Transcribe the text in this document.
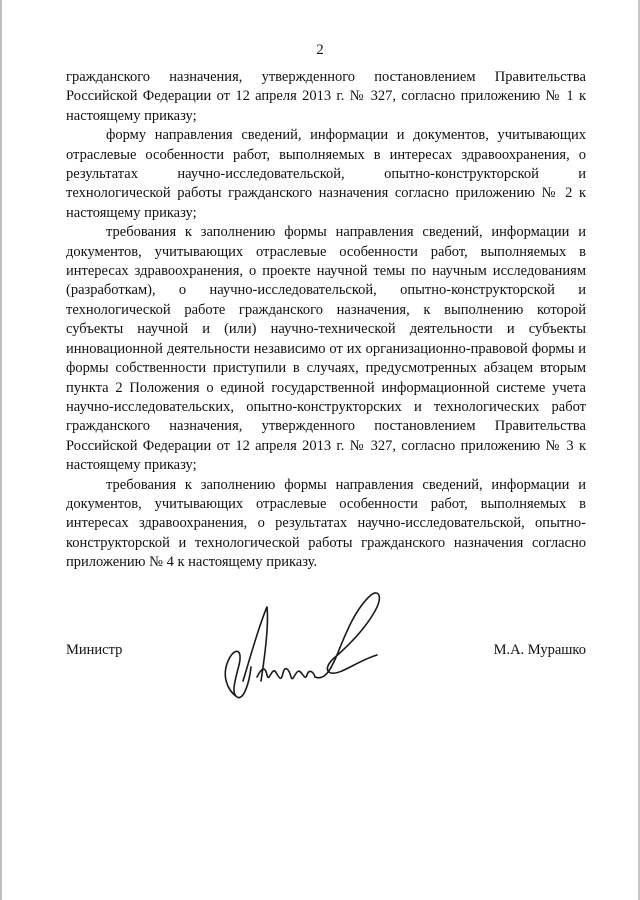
2

гражданского назначения, утвержденного постановлением Правительства Российской Федерации от 12 апреля 2013 г. № 327, согласно приложению № 1 к настоящему приказу;

форму направления сведений, информации и документов, учитывающих отраслевые особенности работ, выполняемых в интересах здравоохранения, о результатах научно-исследовательской, опытно-конструкторской и технологической работы гражданского назначения согласно приложению № 2 к настоящему приказу;

требования к заполнению формы направления сведений, информации и документов, учитывающих отраслевые особенности работ, выполняемых в интересах здравоохранения, о проекте научной темы по научным исследованиям (разработкам), о научно-исследовательской, опытно-конструкторской и технологической работе гражданского назначения, к выполнению которой субъекты научной и (или) научно-технической деятельности и субъекты инновационной деятельности независимо от их организационно-правовой формы и формы собственности приступили в случаях, предусмотренных абзацем вторым пункта 2 Положения о единой государственной информационной системе учета научно-исследовательских, опытно-конструкторских и технологических работ гражданского назначения, утвержденного постановлением Правительства Российской Федерации от 12 апреля 2013 г. № 327, согласно приложению № 3 к настоящему приказу;

требования к заполнению формы направления сведений, информации и документов, учитывающих отраслевые особенности работ, выполняемых в интересах здравоохранения, о результатах научно-исследовательской, опытно-конструкторской и технологической работы гражданского назначения согласно приложению № 4 к настоящему приказу.

Министр	М.А. Мурашко
